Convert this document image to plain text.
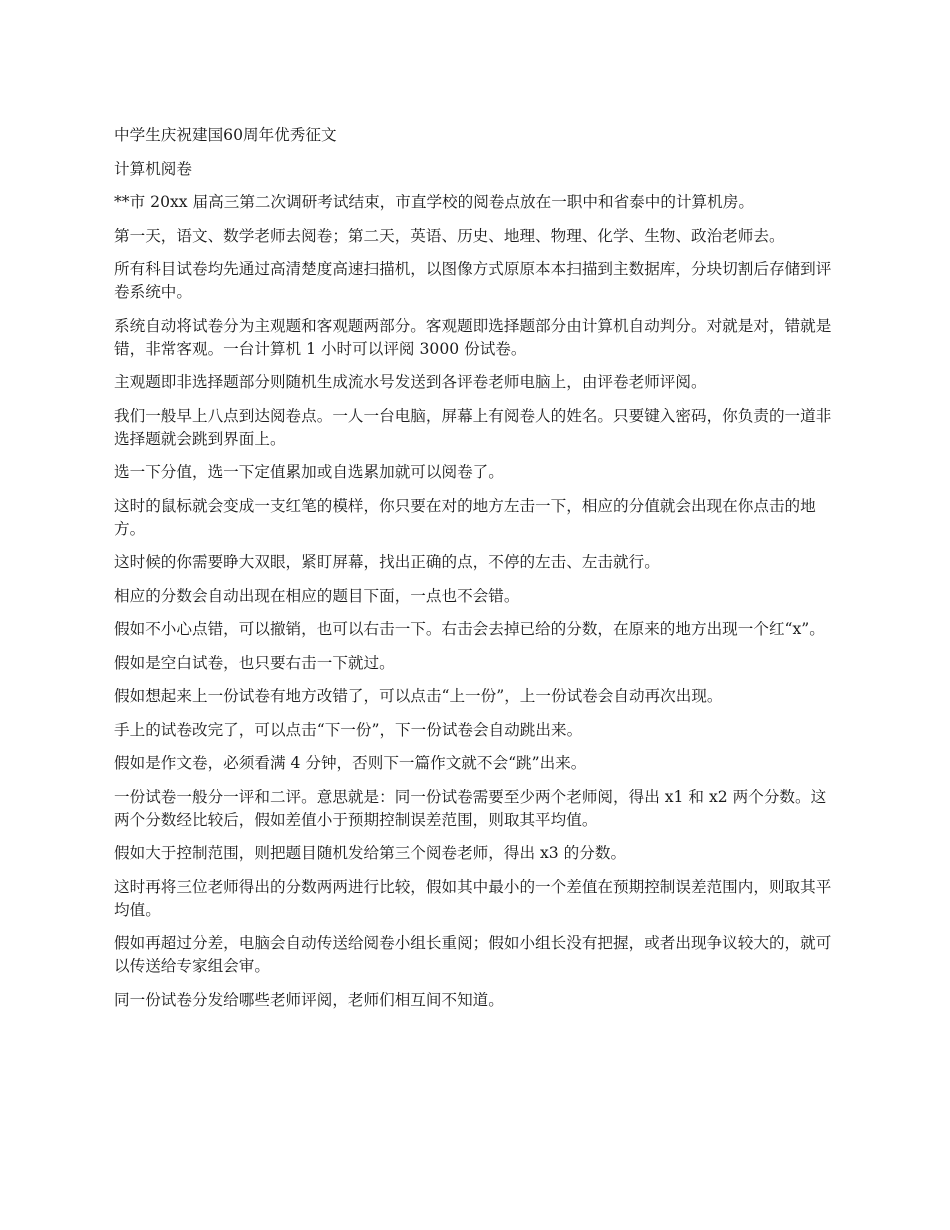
中学生庆祝建国60周年优秀征文

计算机阅卷

**市 20xx 届高三第二次调研考试结束，市直学校的阅卷点放在一职中和省泰中的计算机房。

第一天，语文、数学老师去阅卷；第二天，英语、历史、地理、物理、化学、生物、政治老师去。

所有科目试卷均先通过高清楚度高速扫描机，以图像方式原原本本扫描到主数据库，分块切割后存储到评卷系统中。

系统自动将试卷分为主观题和客观题两部分。客观题即选择题部分由计算机自动判分。对就是对，错就是错，非常客观。一台计算机 1 小时可以评阅 3000 份试卷。

主观题即非选择题部分则随机生成流水号发送到各评卷老师电脑上，由评卷老师评阅。

我们一般早上八点到达阅卷点。一人一台电脑，屏幕上有阅卷人的姓名。只要键入密码，你负责的一道非选择题就会跳到界面上。

选一下分值，选一下定值累加或自选累加就可以阅卷了。

这时的鼠标就会变成一支红笔的模样，你只要在对的地方左击一下，相应的分值就会出现在你点击的地方。

这时候的你需要睁大双眼，紧盯屏幕，找出正确的点，不停的左击、左击就行。

相应的分数会自动出现在相应的题目下面，一点也不会错。

假如不小心点错，可以撤销，也可以右击一下。右击会去掉已给的分数，在原来的地方出现一个红“x”。

假如是空白试卷，也只要右击一下就过。

假如想起来上一份试卷有地方改错了，可以点击“上一份”，上一份试卷会自动再次出现。

手上的试卷改完了，可以点击“下一份”，下一份试卷会自动跳出来。

假如是作文卷，必须看满 4 分钟，否则下一篇作文就不会“跳”出来。

一份试卷一般分一评和二评。意思就是：同一份试卷需要至少两个老师阅，得出 x1 和 x2 两个分数。这两个分数经比较后，假如差值小于预期控制误差范围，则取其平均值。

假如大于控制范围，则把题目随机发给第三个阅卷老师，得出 x3 的分数。

这时再将三位老师得出的分数两两进行比较，假如其中最小的一个差值在预期控制误差范围内，则取其平均值。

假如再超过分差，电脑会自动传送给阅卷小组长重阅；假如小组长没有把握，或者出现争议较大的，就可以传送给专家组会审。

同一份试卷分发给哪些老师评阅，老师们相互间不知道。
